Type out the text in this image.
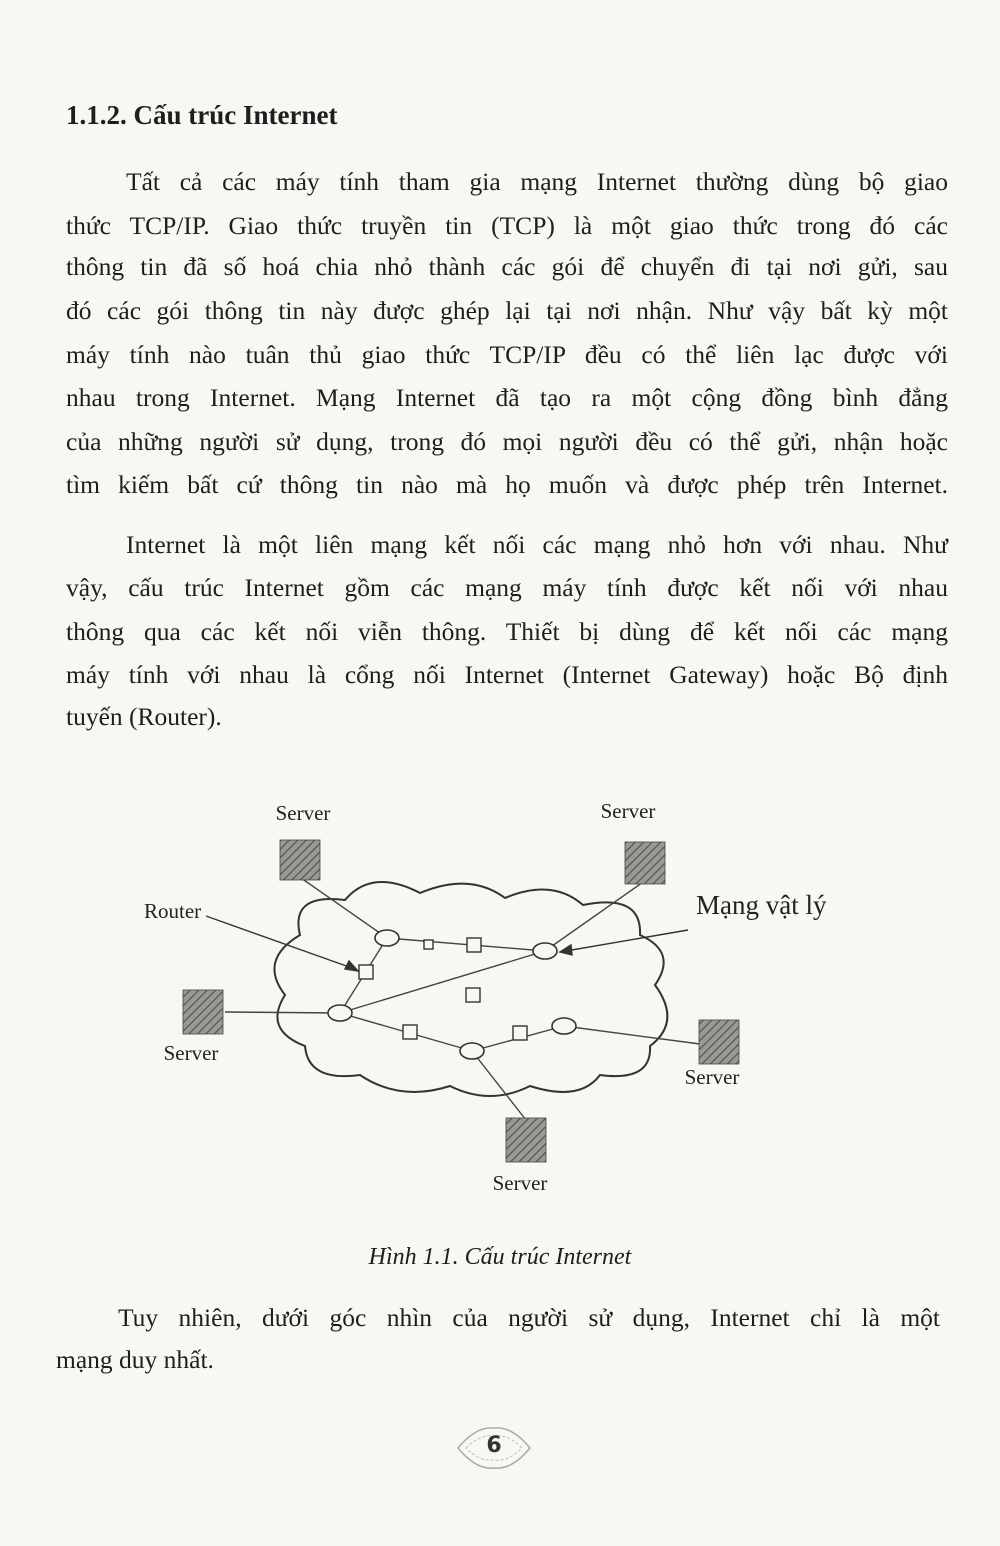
1.1.2. Cấu trúc Internet
Tất cả các máy tính tham gia mạng Internet thường dùng bộ giao
thức TCP/IP. Giao thức truyền tin (TCP) là một giao thức trong đó các
thông tin đã số hoá chia nhỏ thành các gói để chuyển đi tại nơi gửi, sau
đó các gói thông tin này được ghép lại tại nơi nhận. Như vậy bất kỳ một
máy tính nào tuân thủ giao thức TCP/IP đều có thể liên lạc được với
nhau trong Internet. Mạng Internet đã tạo ra một cộng đồng bình đẳng
của những người sử dụng, trong đó mọi người đều có thể gửi, nhận hoặc
tìm kiếm bất cứ thông tin nào mà họ muốn và được phép trên Internet.
Internet là một liên mạng kết nối các mạng nhỏ hơn với nhau. Như
vậy, cấu trúc Internet gồm các mạng máy tính được kết nối với nhau
thông qua các kết nối viễn thông. Thiết bị dùng để kết nối các mạng
máy tính với nhau là cổng nối Internet (Internet Gateway) hoặc Bộ định
tuyến (Router).
Server	Server
Server
Server
Server
Router	Mạng vật lý
Hình 1.1. Cấu trúc Internet
Tuy nhiên, dưới góc nhìn của người sử dụng, Internet chỉ là một
mạng duy nhất.
6
